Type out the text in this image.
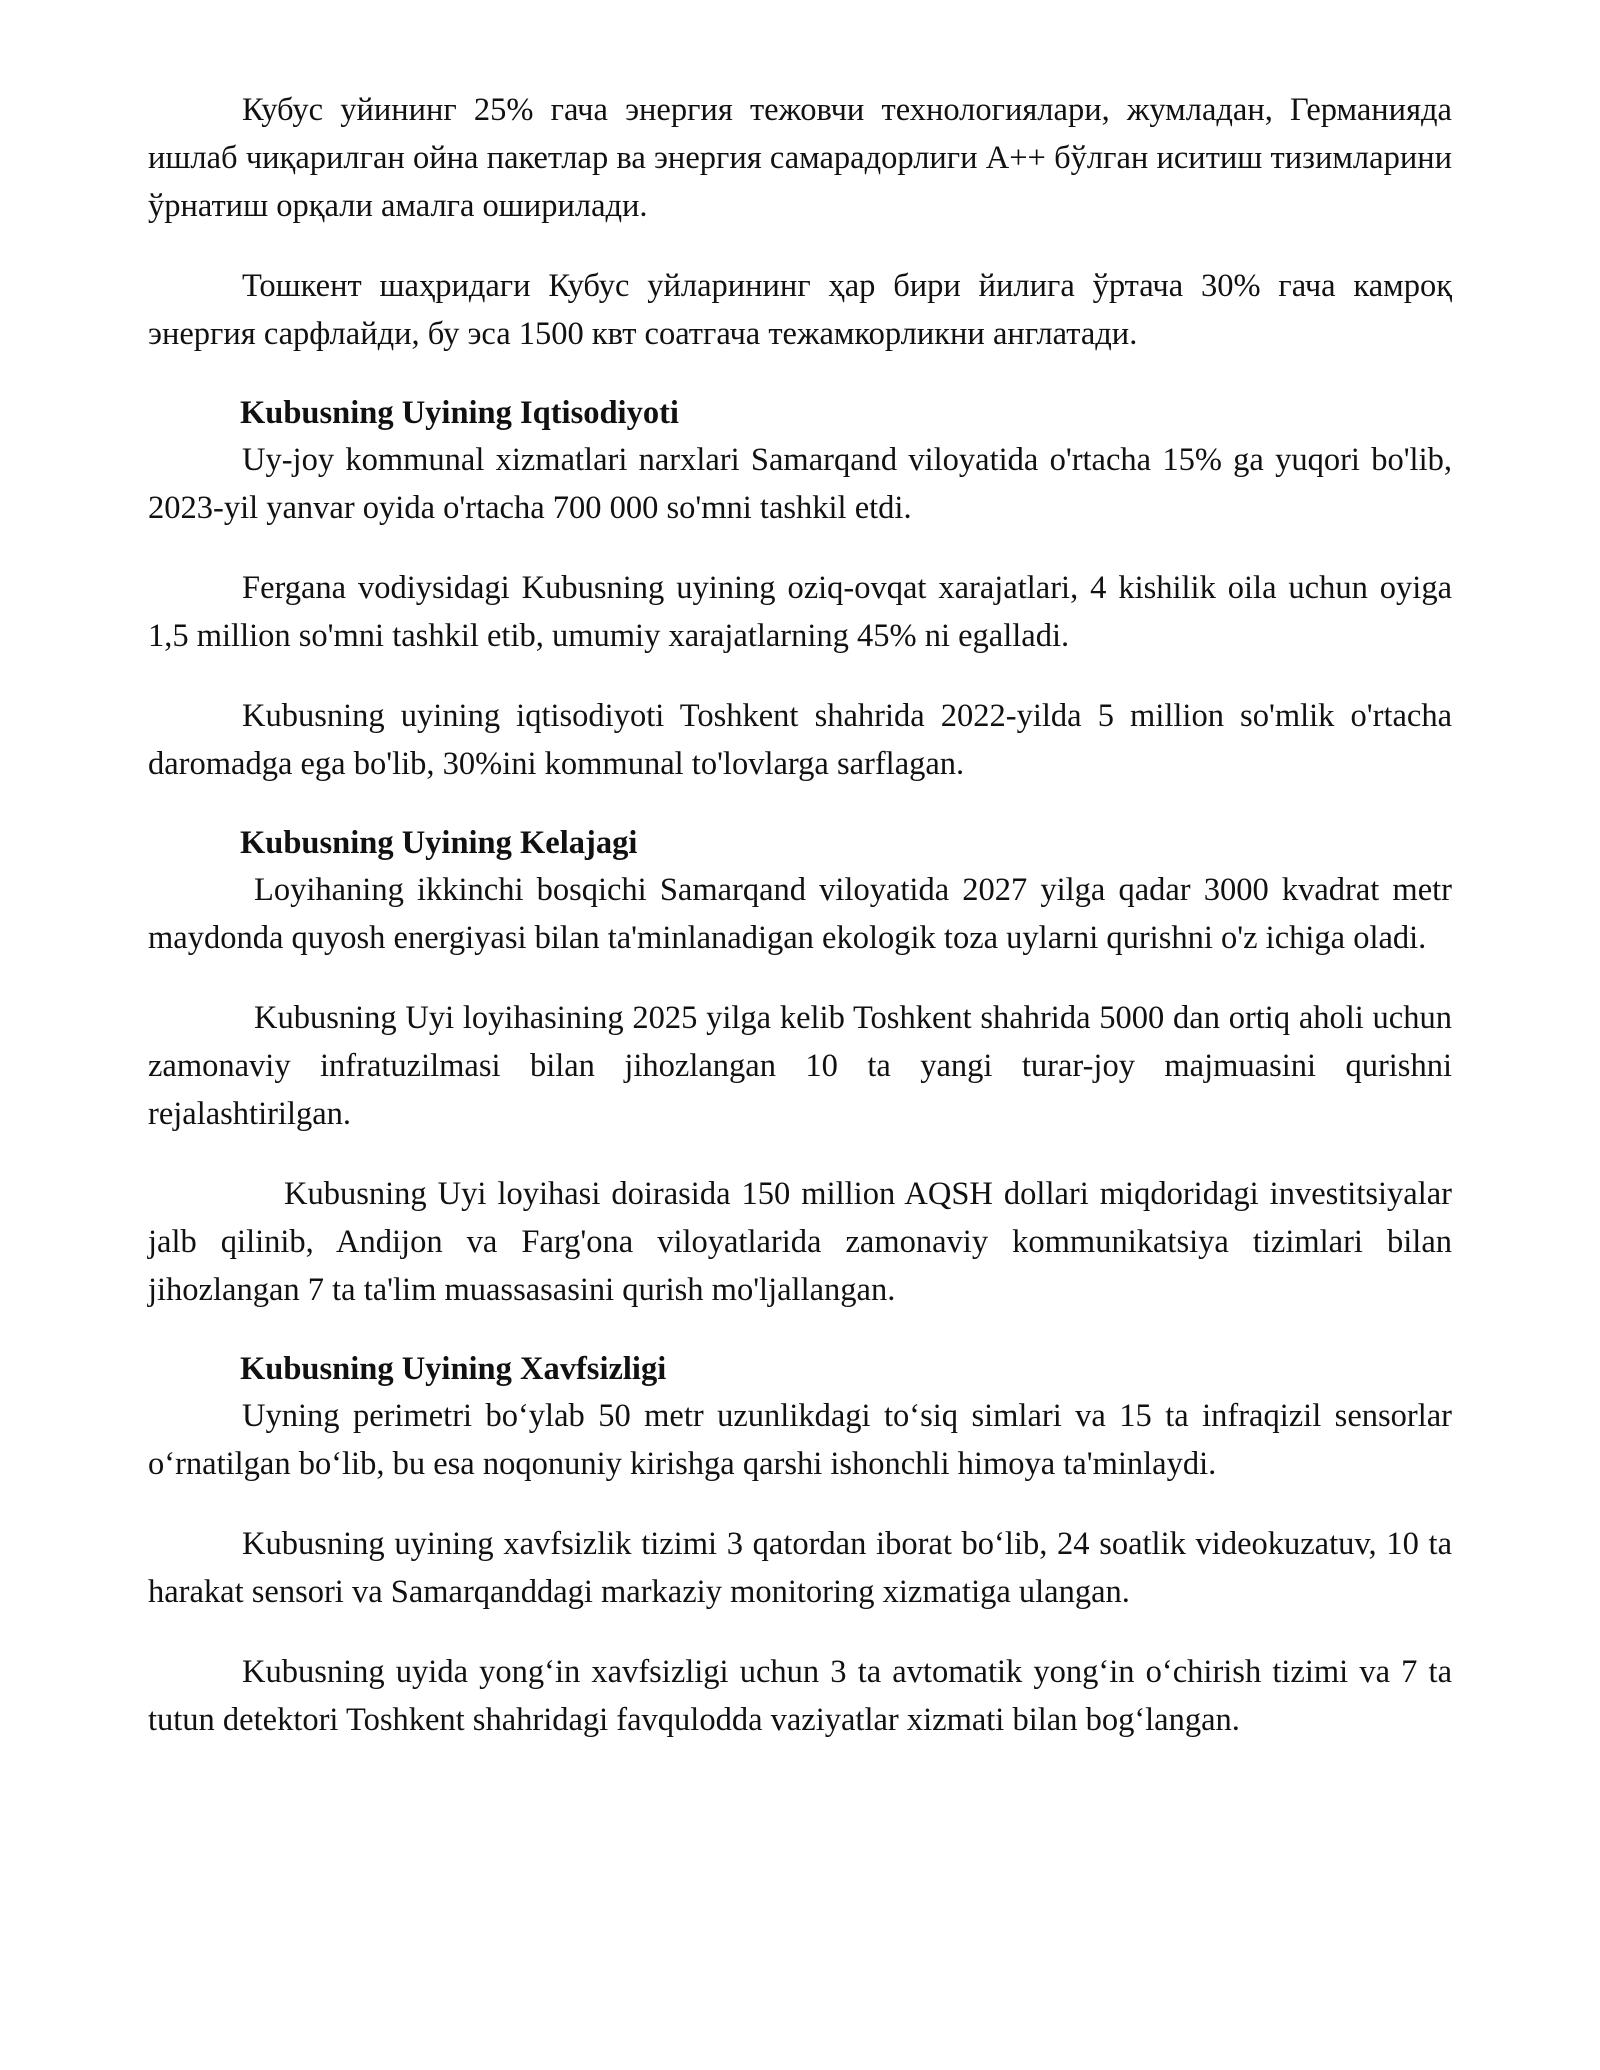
Кубус уйининг 25% гача энергия тежовчи технологиялари, жумладан, Германияда ишлаб чиқарилган ойна пакетлар ва энергия самарадорлиги A++ бўлган иситиш тизимларини ўрнатиш орқали амалга оширилади.

Тошкент шаҳридаги Кубус уйларининг ҳар бири йилига ўртача 30% гача камроқ энергия сарфлайди, бу эса 1500 квт соатгача тежамкорликни англатади.

Kubusning Uyining Iqtisodiyoti

Uy-joy kommunal xizmatlari narxlari Samarqand viloyatida o'rtacha 15% ga yuqori bo'lib, 2023-yil yanvar oyida o'rtacha 700 000 so'mni tashkil etdi.

Fergana vodiysidagi Kubusning uyining oziq-ovqat xarajatlari, 4 kishilik oila uchun oyiga 1,5 million so'mni tashkil etib, umumiy xarajatlarning 45% ni egalladi.

Kubusning uyining iqtisodiyoti Toshkent shahrida 2022-yilda 5 million so'mlik o'rtacha daromadga ega bo'lib, 30%ini kommunal to'lovlarga sarflagan.

Kubusning Uyining Kelajagi

Loyihaning ikkinchi bosqichi Samarqand viloyatida 2027 yilga qadar 3000 kvadrat metr maydonda quyosh energiyasi bilan ta'minlanadigan ekologik toza uylarni qurishni o'z ichiga oladi.

Kubusning Uyi loyihasining 2025 yilga kelib Toshkent shahrida 5000 dan ortiq aholi uchun zamonaviy infratuzilmasi bilan jihozlangan 10 ta yangi turar-joy majmuasini qurishni rejalashtirilgan.

Kubusning Uyi loyihasi doirasida 150 million AQSH dollari miqdoridagi investitsiyalar jalb qilinib, Andijon va Farg'ona viloyatlarida zamonaviy kommunikatsiya tizimlari bilan jihozlangan 7 ta ta'lim muassasasini qurish mo'ljallangan.

Kubusning Uyining Xavfsizligi

Uyning perimetri bo‘ylab 50 metr uzunlikdagi to‘siq simlari va 15 ta infraqizil sensorlar o‘rnatilgan bo‘lib, bu esa noqonuniy kirishga qarshi ishonchli himoya ta'minlaydi.

Kubusning uyining xavfsizlik tizimi 3 qatordan iborat bo‘lib, 24 soatlik videokuzatuv, 10 ta harakat sensori va Samarqanddagi markaziy monitoring xizmatiga ulangan.

Kubusning uyida yong‘in xavfsizligi uchun 3 ta avtomatik yong‘in o‘chirish tizimi va 7 ta tutun detektori Toshkent shahridagi favqulodda vaziyatlar xizmati bilan bog‘langan.
